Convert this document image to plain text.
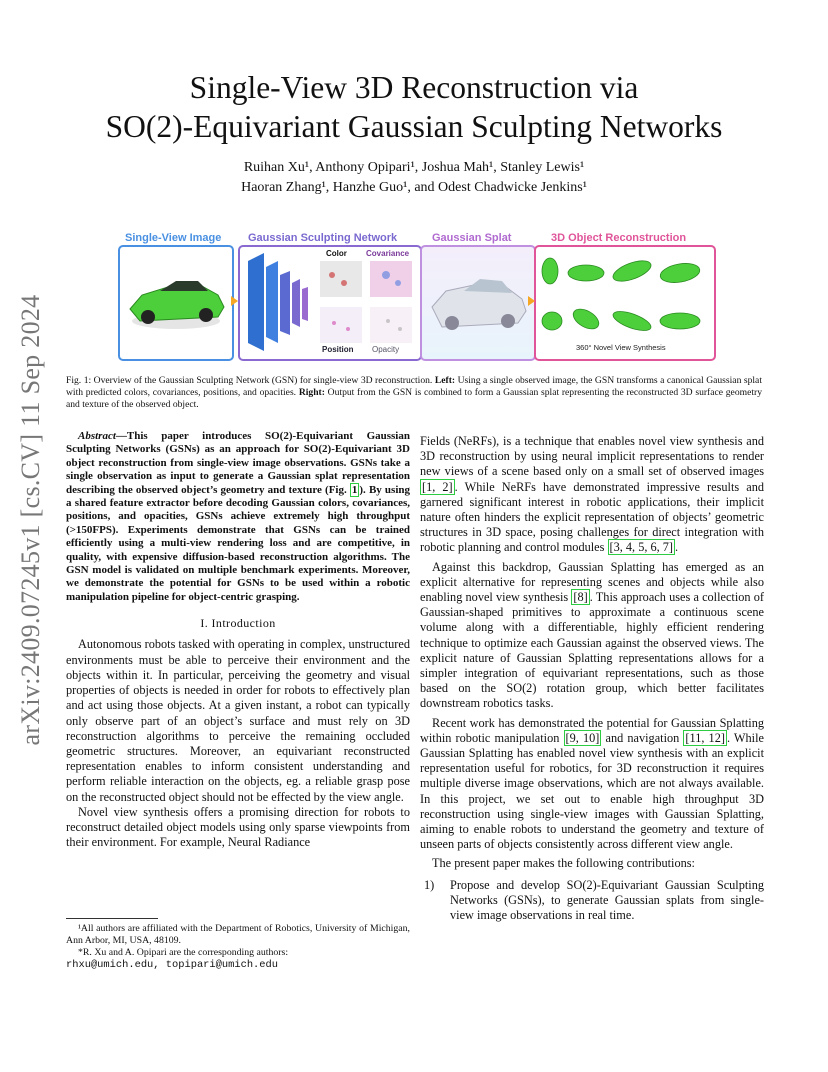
arXiv:2409.07245v1 [cs.CV] 11 Sep 2024
Single-View 3D Reconstruction via
SO(2)-Equivariant Gaussian Sculpting Networks
Ruihan Xu¹, Anthony Opipari¹, Joshua Mah¹, Stanley Lewis¹
Haoran Zhang¹, Hanzhe Guo¹, and Odest Chadwicke Jenkins¹
Single-View Image Gaussian Sculpting Network	Gaussian Splat	3D Object Reconstruction
Color Covariance
Position Opacity	360° Novel View Synthesis
Fig. 1: Overview of the Gaussian Sculpting Network (GSN) for single-view 3D reconstruction. Left: Using a single observed image, the GSN transforms a canonical Gaussian splat with predicted colors, covariances, positions, and opacities. Right: Output from the GSN is combined to form a Gaussian splat representing the reconstructed 3D surface geometry and texture of the observed object.

Abstract—This paper introduces SO(2)-Equivariant Gaussian Sculpting Networks (GSNs) as an approach for SO(2)-Equivariant 3D object reconstruction from single-view image observations. GSNs take a single observation as input to generate a Gaussian splat representation describing the observed object’s geometry and texture (Fig. 1 ). By using a shared feature extractor before decoding Gaussian colors, covariances, positions, and opacities, GSNs achieve extremely high throughput (>150FPS). Experiments demonstrate that GSNs can be trained efficiently using a multi-view rendering loss and are competitive, in quality, with expensive diffusion-based reconstruction algorithms. The GSN model is validated on multiple benchmark experiments. Moreover, we demonstrate the potential for GSNs to be used within a robotic manipulation pipeline for object-centric grasping.

I. Introduction

Autonomous robots tasked with operating in complex, unstructured environments must be able to perceive their environment and the objects within it. In particular, perceiving the geometry and visual properties of objects is needed in order for robots to effectively plan and act using those objects. At a given instant, a robot can typically only observe part of an object’s surface and must rely on 3D reconstruction algorithms to perceive the remaining occluded geometric structures. Moreover, an equivariant reconstructed representation enables to inform consistent understanding and perform reliable interaction on the objects, eg. a reliable grasp pose on the reconstructed object should not be effected by the view angle.

Novel view synthesis offers a promising direction for robots to reconstruct detailed object models using only sparse viewpoints from their environment. For example, Neural Radiance

¹All authors are affiliated with the Department of Robotics, University of Michigan, Ann Arbor, MI, USA, 48109.
*R. Xu and A. Opipari are the corresponding authors:
rhxu@umich.edu, topipari@umich.edu

Fields (NeRFs), is a technique that enables novel view synthesis and 3D reconstruction by using neural implicit representations to render new views of a scene based only on a small set of observed images [1, 2] . While NeRFs have demonstrated impressive results and garnered significant interest in robotic applications, their implicit nature often hinders the explicit representation of objects’ geometric structures in 3D space, posing challenges for direct integration with robotic planning and control modules [3, 4, 5, 6, 7] .

Against this backdrop, Gaussian Splatting has emerged as an explicit alternative for representing scenes and objects while also enabling novel view synthesis [8] . This approach uses a collection of Gaussian-shaped primitives to approximate a continuous scene volume along with a differentiable, highly efficient rendering technique to optimize each Gaussian against the observed views. The explicit nature of Gaussian Splatting representations allows for a simpler integration of equivariant representations, such as those based on the SO(2) rotation group, which better facilitates downstream robotics tasks.

Recent work has demonstrated the potential for Gaussian Splatting within robotic manipulation [9, 10] and navigation [11, 12] . While Gaussian Splatting has enabled novel view synthesis with an explicit representation useful for robotics, for 3D reconstruction it requires multiple diverse image observations, which are not always available. In this project, we set out to enable high throughput 3D reconstruction using single-view images with Gaussian Splatting, aiming to enable robots to understand the geometry and texture of unseen parts of objects consistently across different view angle.

The present paper makes the following contributions:

1)	Propose and develop SO(2)-Equivariant Gaussian Sculpting Networks (GSNs), to generate Gaussian splats from single-view image observations in real time.
